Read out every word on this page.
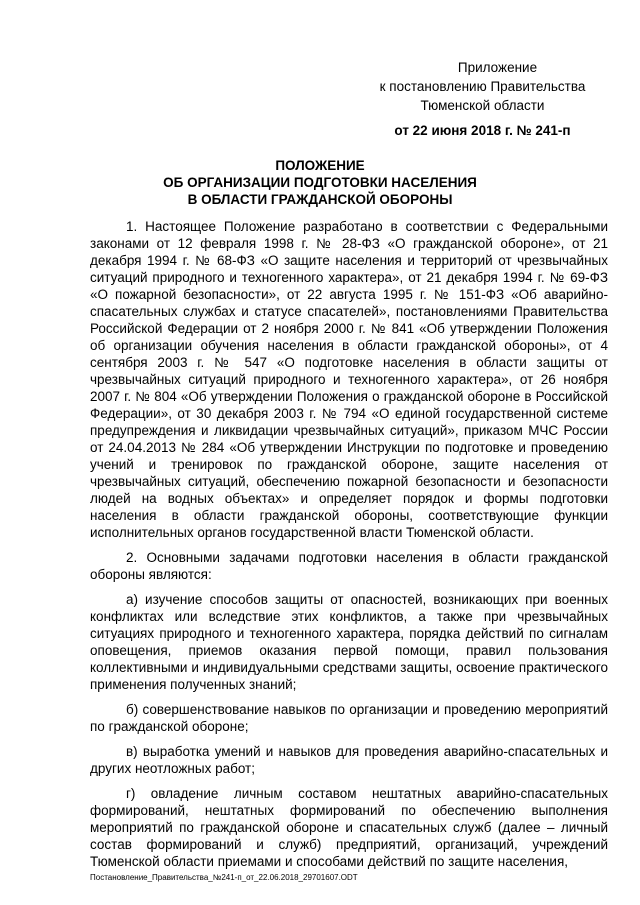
Приложение
к постановлению Правительства
Тюменской области
от 22 июня 2018 г. № 241-п
ПОЛОЖЕНИЕ
ОБ ОРГАНИЗАЦИИ ПОДГОТОВКИ НАСЕЛЕНИЯ
В ОБЛАСТИ ГРАЖДАНСКОЙ ОБОРОНЫ

1. Настоящее Положение разработано в соответствии с Федеральными законами от 12 февраля 1998 г. № 28-ФЗ «О гражданской обороне», от 21 декабря 1994 г. № 68-ФЗ «О защите населения и территорий от чрезвычайных ситуаций природного и техногенного характера», от 21 декабря 1994 г. № 69-ФЗ «О пожарной безопасности», от 22 августа 1995 г. № 151-ФЗ «Об аварийно-спасательных службах и статусе спасателей», постановлениями Правительства Российской Федерации от 2 ноября 2000 г. № 841 «Об утверждении Положения об организации обучения населения в области гражданской обороны», от 4 сентября 2003 г. № 547 «О подготовке населения в области защиты от чрезвычайных ситуаций природного и техногенного характера», от 26 ноября 2007 г. № 804 «Об утверждении Положения о гражданской обороне в Российской Федерации», от 30 декабря 2003 г. № 794 «О единой государственной системе предупреждения и ликвидации чрезвычайных ситуаций», приказом МЧС России от 24.04.2013 № 284 «Об утверждении Инструкции по подготовке и проведению учений и тренировок по гражданской обороне, защите населения от чрезвычайных ситуаций, обеспечению пожарной безопасности и безопасности людей на водных объектах» и определяет порядок и формы подготовки населения в области гражданской обороны, соответствующие функции исполнительных органов государственной власти Тюменской области.

2. Основными задачами подготовки населения в области гражданской обороны являются:

а) изучение способов защиты от опасностей, возникающих при военных конфликтах или вследствие этих конфликтов, а также при чрезвычайных ситуациях природного и техногенного характера, порядка действий по сигналам оповещения, приемов оказания первой помощи, правил пользования коллективными и индивидуальными средствами защиты, освоение практического применения полученных знаний;

б) совершенствование навыков по организации и проведению мероприятий по гражданской обороне;

в) выработка умений и навыков для проведения аварийно-спасательных и других неотложных работ;

г) овладение личным составом нештатных аварийно-спасательных формирований, нештатных формирований по обеспечению выполнения мероприятий по гражданской обороне и спасательных служб (далее – личный состав формирований и служб) предприятий, организаций, учреждений Тюменской области приемами и способами действий по защите населения,

Постановление_Правительства_№241-п_от_22.06.2018_29701607.ODT
